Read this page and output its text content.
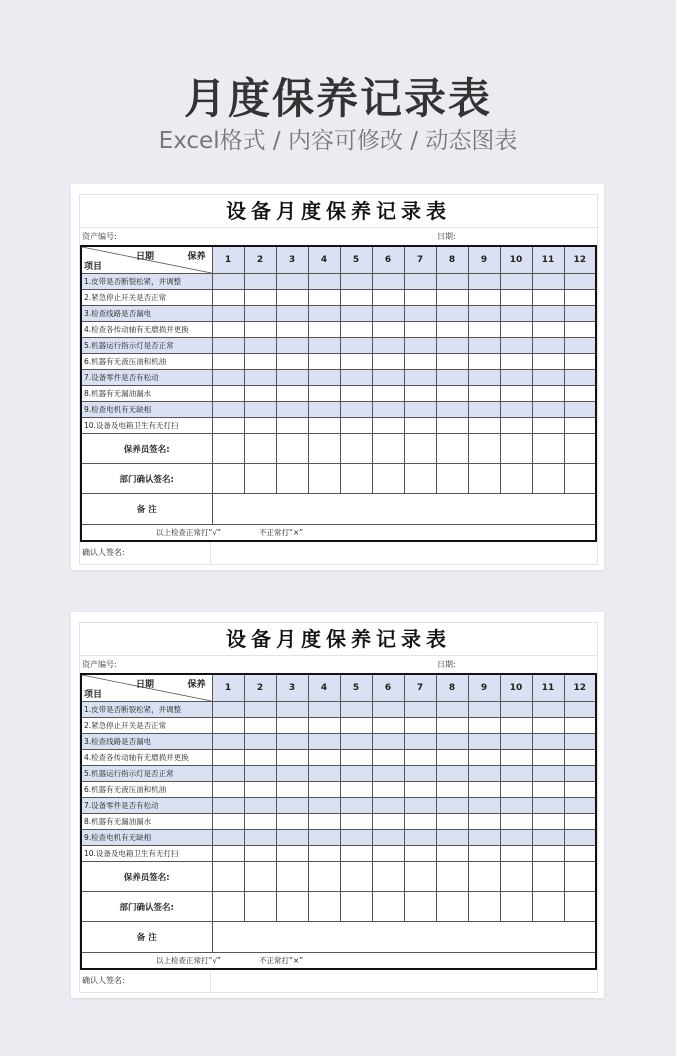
月度保养记录表
Excel格式 / 内容可修改 / 动态图表
设备月度保养记录表
资产编号:	日期:
日期 保养
项目	1	2	3	4	5	6	7	8	9	10	11	12
1.皮带是否断裂松紧，并调整												
2.紧急停止开关是否正常												
3.检查线路是否漏电												
4.检查各传动轴有无磨损并更换												
5.机器运行指示灯是否正常												
6.机器有无液压油和机油												
7.设备零件是否有松动												
8.机器有无漏油漏水												
9.检查电机有无缺相												
10.设备及电箱卫生有无打扫												
保养员签名:												
部门确认签名:												
备 注												
以上检查正常打“√” 不正常打“×”												
确认人签名:
设备月度保养记录表
资产编号:	日期:
日期 保养
项目	1	2	3	4	5	6	7	8	9	10	11	12
1.皮带是否断裂松紧，并调整												
2.紧急停止开关是否正常												
3.检查线路是否漏电												
4.检查各传动轴有无磨损并更换												
5.机器运行指示灯是否正常												
6.机器有无液压油和机油												
7.设备零件是否有松动												
8.机器有无漏油漏水												
9.检查电机有无缺相												
10.设备及电箱卫生有无打扫												
保养员签名:												
部门确认签名:												
备 注												
以上检查正常打“√” 不正常打“×”												
确认人签名:
